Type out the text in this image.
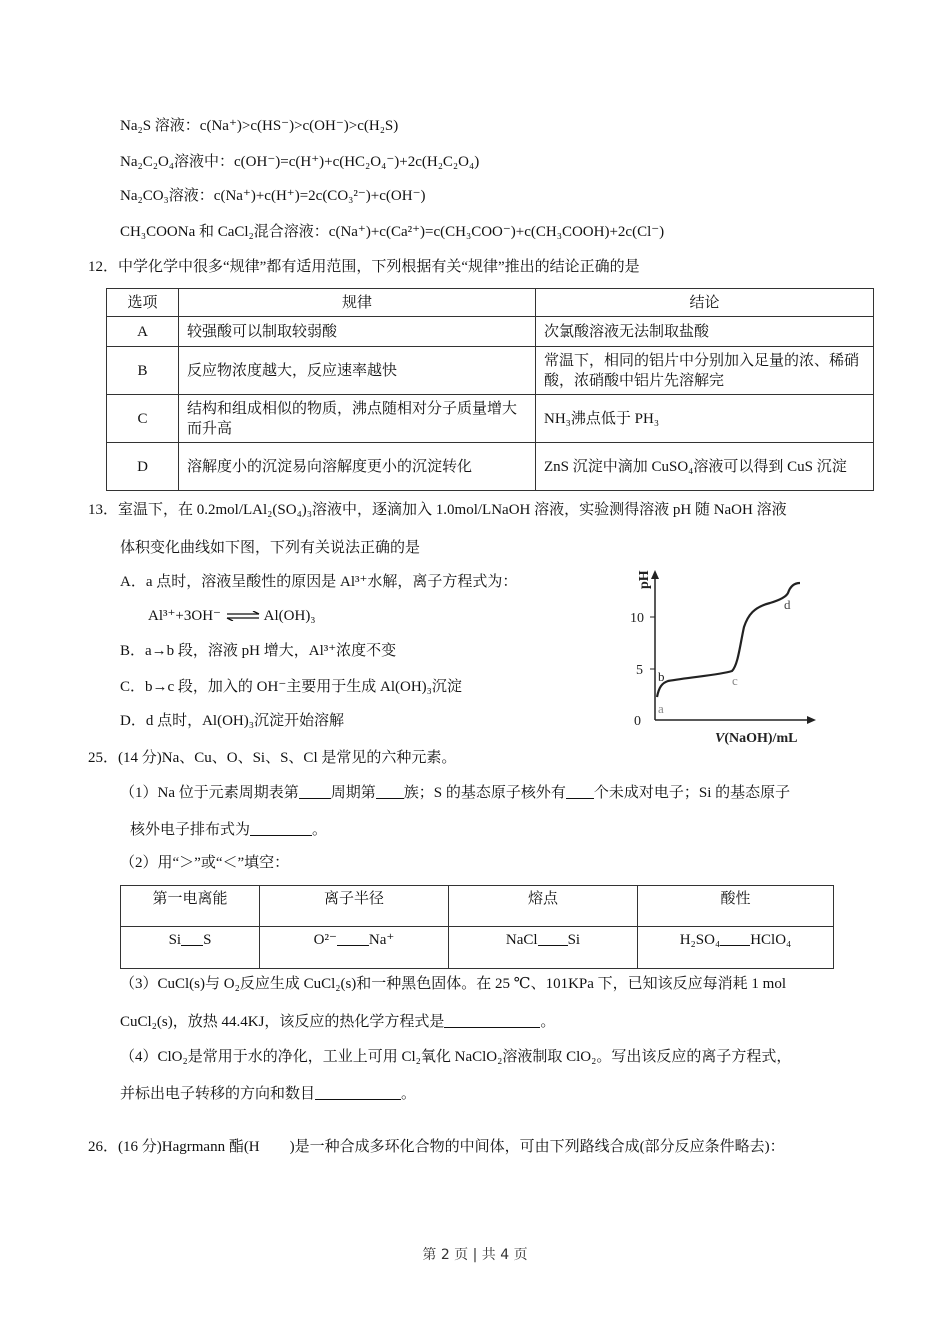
Na₂S 溶液：c(Na⁺)>c(HS⁻)>c(OH⁻)>c(H₂S)
Na₂C₂O₄溶液中：c(OH⁻)=c(H⁺)+c(HC₂O₄⁻)+2c(H₂C₂O₄)
Na₂CO₃溶液：c(Na⁺)+c(H⁺)=2c(CO₃²⁻)+c(OH⁻)
CH₃COONa 和 CaCl₂混合溶液：c(Na⁺)+c(Ca²⁺)=c(CH₃COO⁻)+c(CH₃COOH)+2c(Cl⁻)
12．中学化学中很多“规律”都有适用范围，下列根据有关“规律”推出的结论正确的是
选项	规律	结论
A	较强酸可以制取较弱酸	次氯酸溶液无法制取盐酸
B	反应物浓度越大，反应速率越快	常温下，相同的铝片中分别加入足量的浓、稀硝酸，浓硝酸中铝片先溶解完
C	结构和组成相似的物质，沸点随相对分子质量增大而升高	NH₃沸点低于 PH₃
D	溶解度小的沉淀易向溶解度更小的沉淀转化	ZnS 沉淀中滴加 CuSO₄溶液可以得到 CuS 沉淀
13．室温下，在 0.2mol/LAl₂(SO₄)₃溶液中，逐滴加入 1.0mol/LNaOH 溶液，实验测得溶液 pH 随 NaOH 溶液
体积变化曲线如下图，下列有关说法正确的是
A．a 点时，溶液呈酸性的原因是 Al³⁺水解，离子方程式为：
Al³⁺+3OH⁻ ⇌ Al(OH)₃
B．a→b 段，溶液 pH 增大，Al³⁺浓度不变
C．b→c 段，加入的 OH⁻主要用于生成 Al(OH)₃沉淀
D．d 点时，Al(OH)₃沉淀开始溶解	0
5
10
pH
V(NaOH)/mL
a
b	c
d
25．(14 分)Na、Cu、O、Si、S、Cl 是常见的六种元素。
（1）Na 位于元素周期表第 周期第 族；S 的基态原子核外有 个未成对电子；Si 的基态原子
核外电子排布式为	。
（2）用“＞”或“＜”填空：
第一电离能	离子半径	熔点	酸性
Si S	O²⁻ Na⁺	NaCl Si	H₂SO₄ HClO₄
（3）CuCl(s)与 O₂反应生成 CuCl₂(s)和一种黑色固体。在 25 ℃、101KPa 下，已知该反应每消耗 1 mol
CuCl₂(s)，放热 44.4KJ，该反应的热化学方程式是	。
（4）ClO₂是常用于水的净化，工业上可用 Cl₂氧化 NaClO₂溶液制取 ClO₂。写出该反应的离子方程式，
并标出电子转移的方向和数目	。
26．(16 分)Hagrmann 酯(H　　)是一种合成多环化合物的中间体，可由下列路线合成(部分反应条件略去)：
第 2 页 | 共 4 页
